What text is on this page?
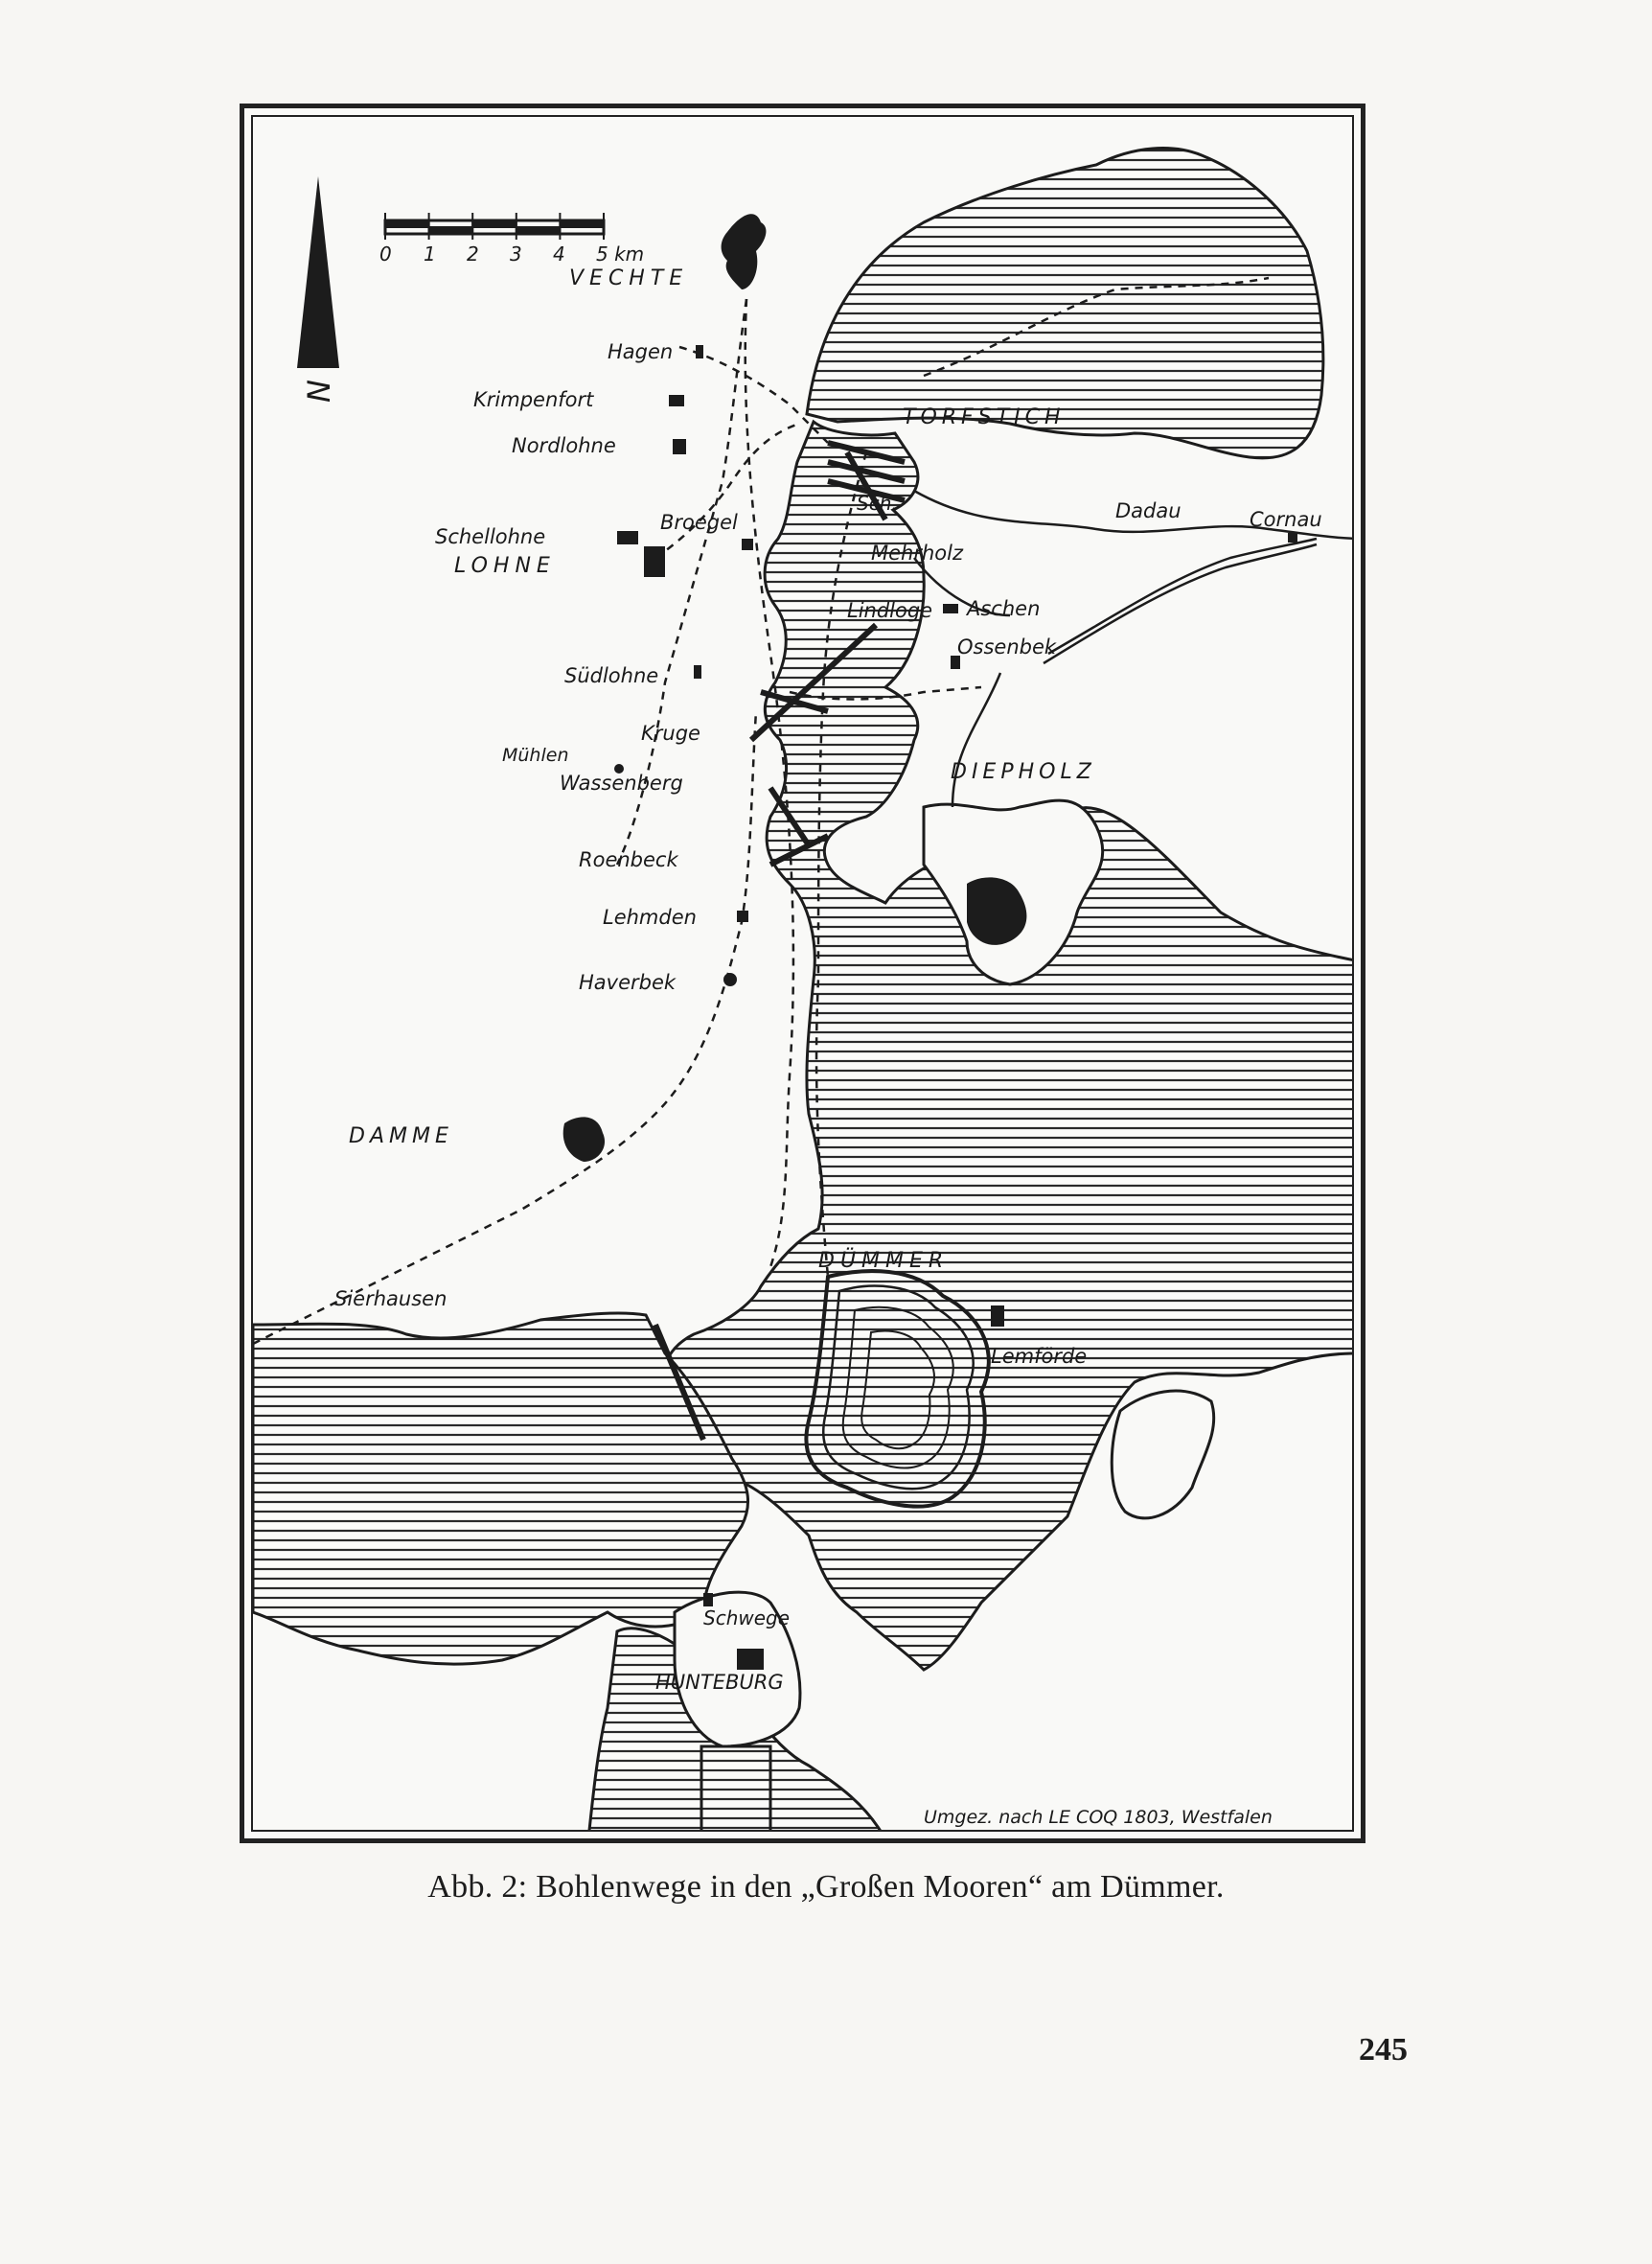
0 1 2 3 4 5 km
N
VECHTE
Hagen
Krimpenfort
Nordlohne
Schellohne
LOHNE
Broegel
TORFSTICH
Sch.
Mehrholz
Dadau	Cornau
Lindloge Aschen
Ossenbek
Südlohne
Kruge
Mühlen
Wassenberg	DIEPHOLZ
Roenbeck
Lehmden
Haverbek
DAMME
DÜMMER
Sierhausen
Lemförde
Schwege
HUNTEBURG
Umgez. nach LE COQ 1803, Westfalen
Abb. 2: Bohlenwege in den „Großen Mooren“ am Dümmer.
245
